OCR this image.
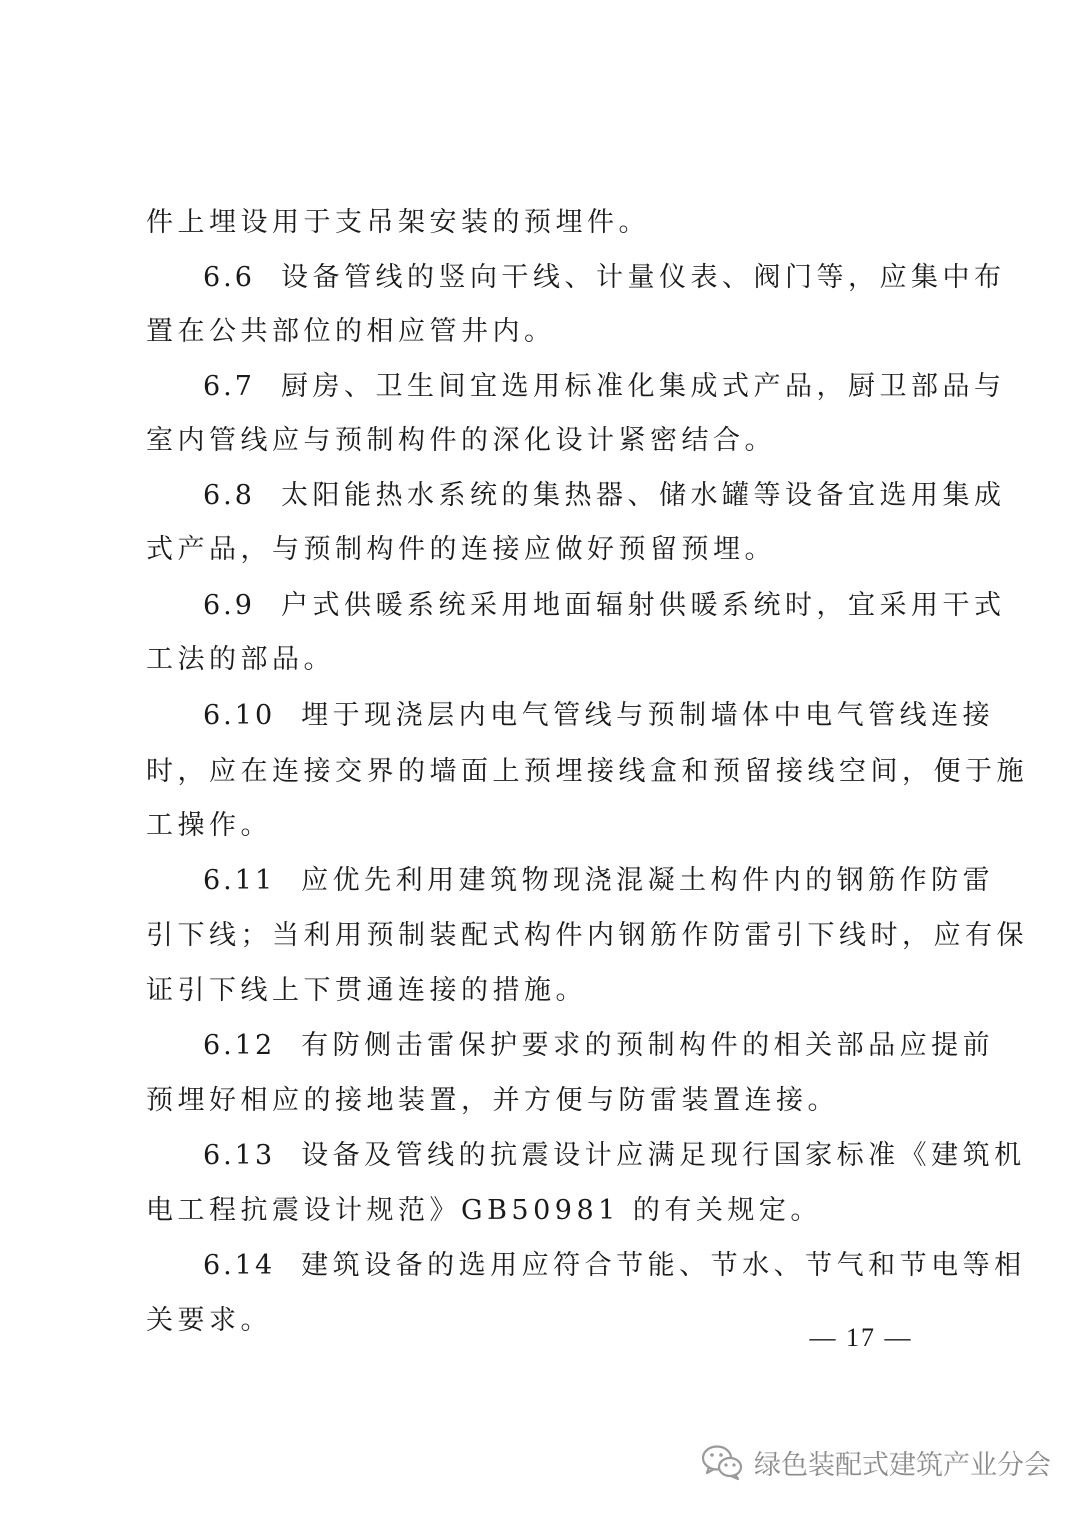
件上埋设用于支吊架安装的预埋件。
6.6 设备管线的竖向干线、计量仪表、阀门等，应集中布
置在公共部位的相应管井内。
6.7 厨房、卫生间宜选用标准化集成式产品，厨卫部品与
室内管线应与预制构件的深化设计紧密结合。
6.8 太阳能热水系统的集热器、储水罐等设备宜选用集成
式产品，与预制构件的连接应做好预留预埋。
6.9 户式供暖系统采用地面辐射供暖系统时，宜采用干式
工法的部品。
6.10 埋于现浇层内电气管线与预制墙体中电气管线连接
时，应在连接交界的墙面上预埋接线盒和预留接线空间，便于施
工操作。
6.11 应优先利用建筑物现浇混凝土构件内的钢筋作防雷
引下线；当利用预制装配式构件内钢筋作防雷引下线时，应有保
证引下线上下贯通连接的措施。
6.12 有防侧击雷保护要求的预制构件的相关部品应提前
预埋好相应的接地装置，并方便与防雷装置连接。
6.13 设备及管线的抗震设计应满足现行国家标准《建筑机
电工程抗震设计规范》GB50981 的有关规定。
6.14 建筑设备的选用应符合节能、节水、节气和节电等相
关要求。
— 17 —
绿色装配式建筑产业分会
